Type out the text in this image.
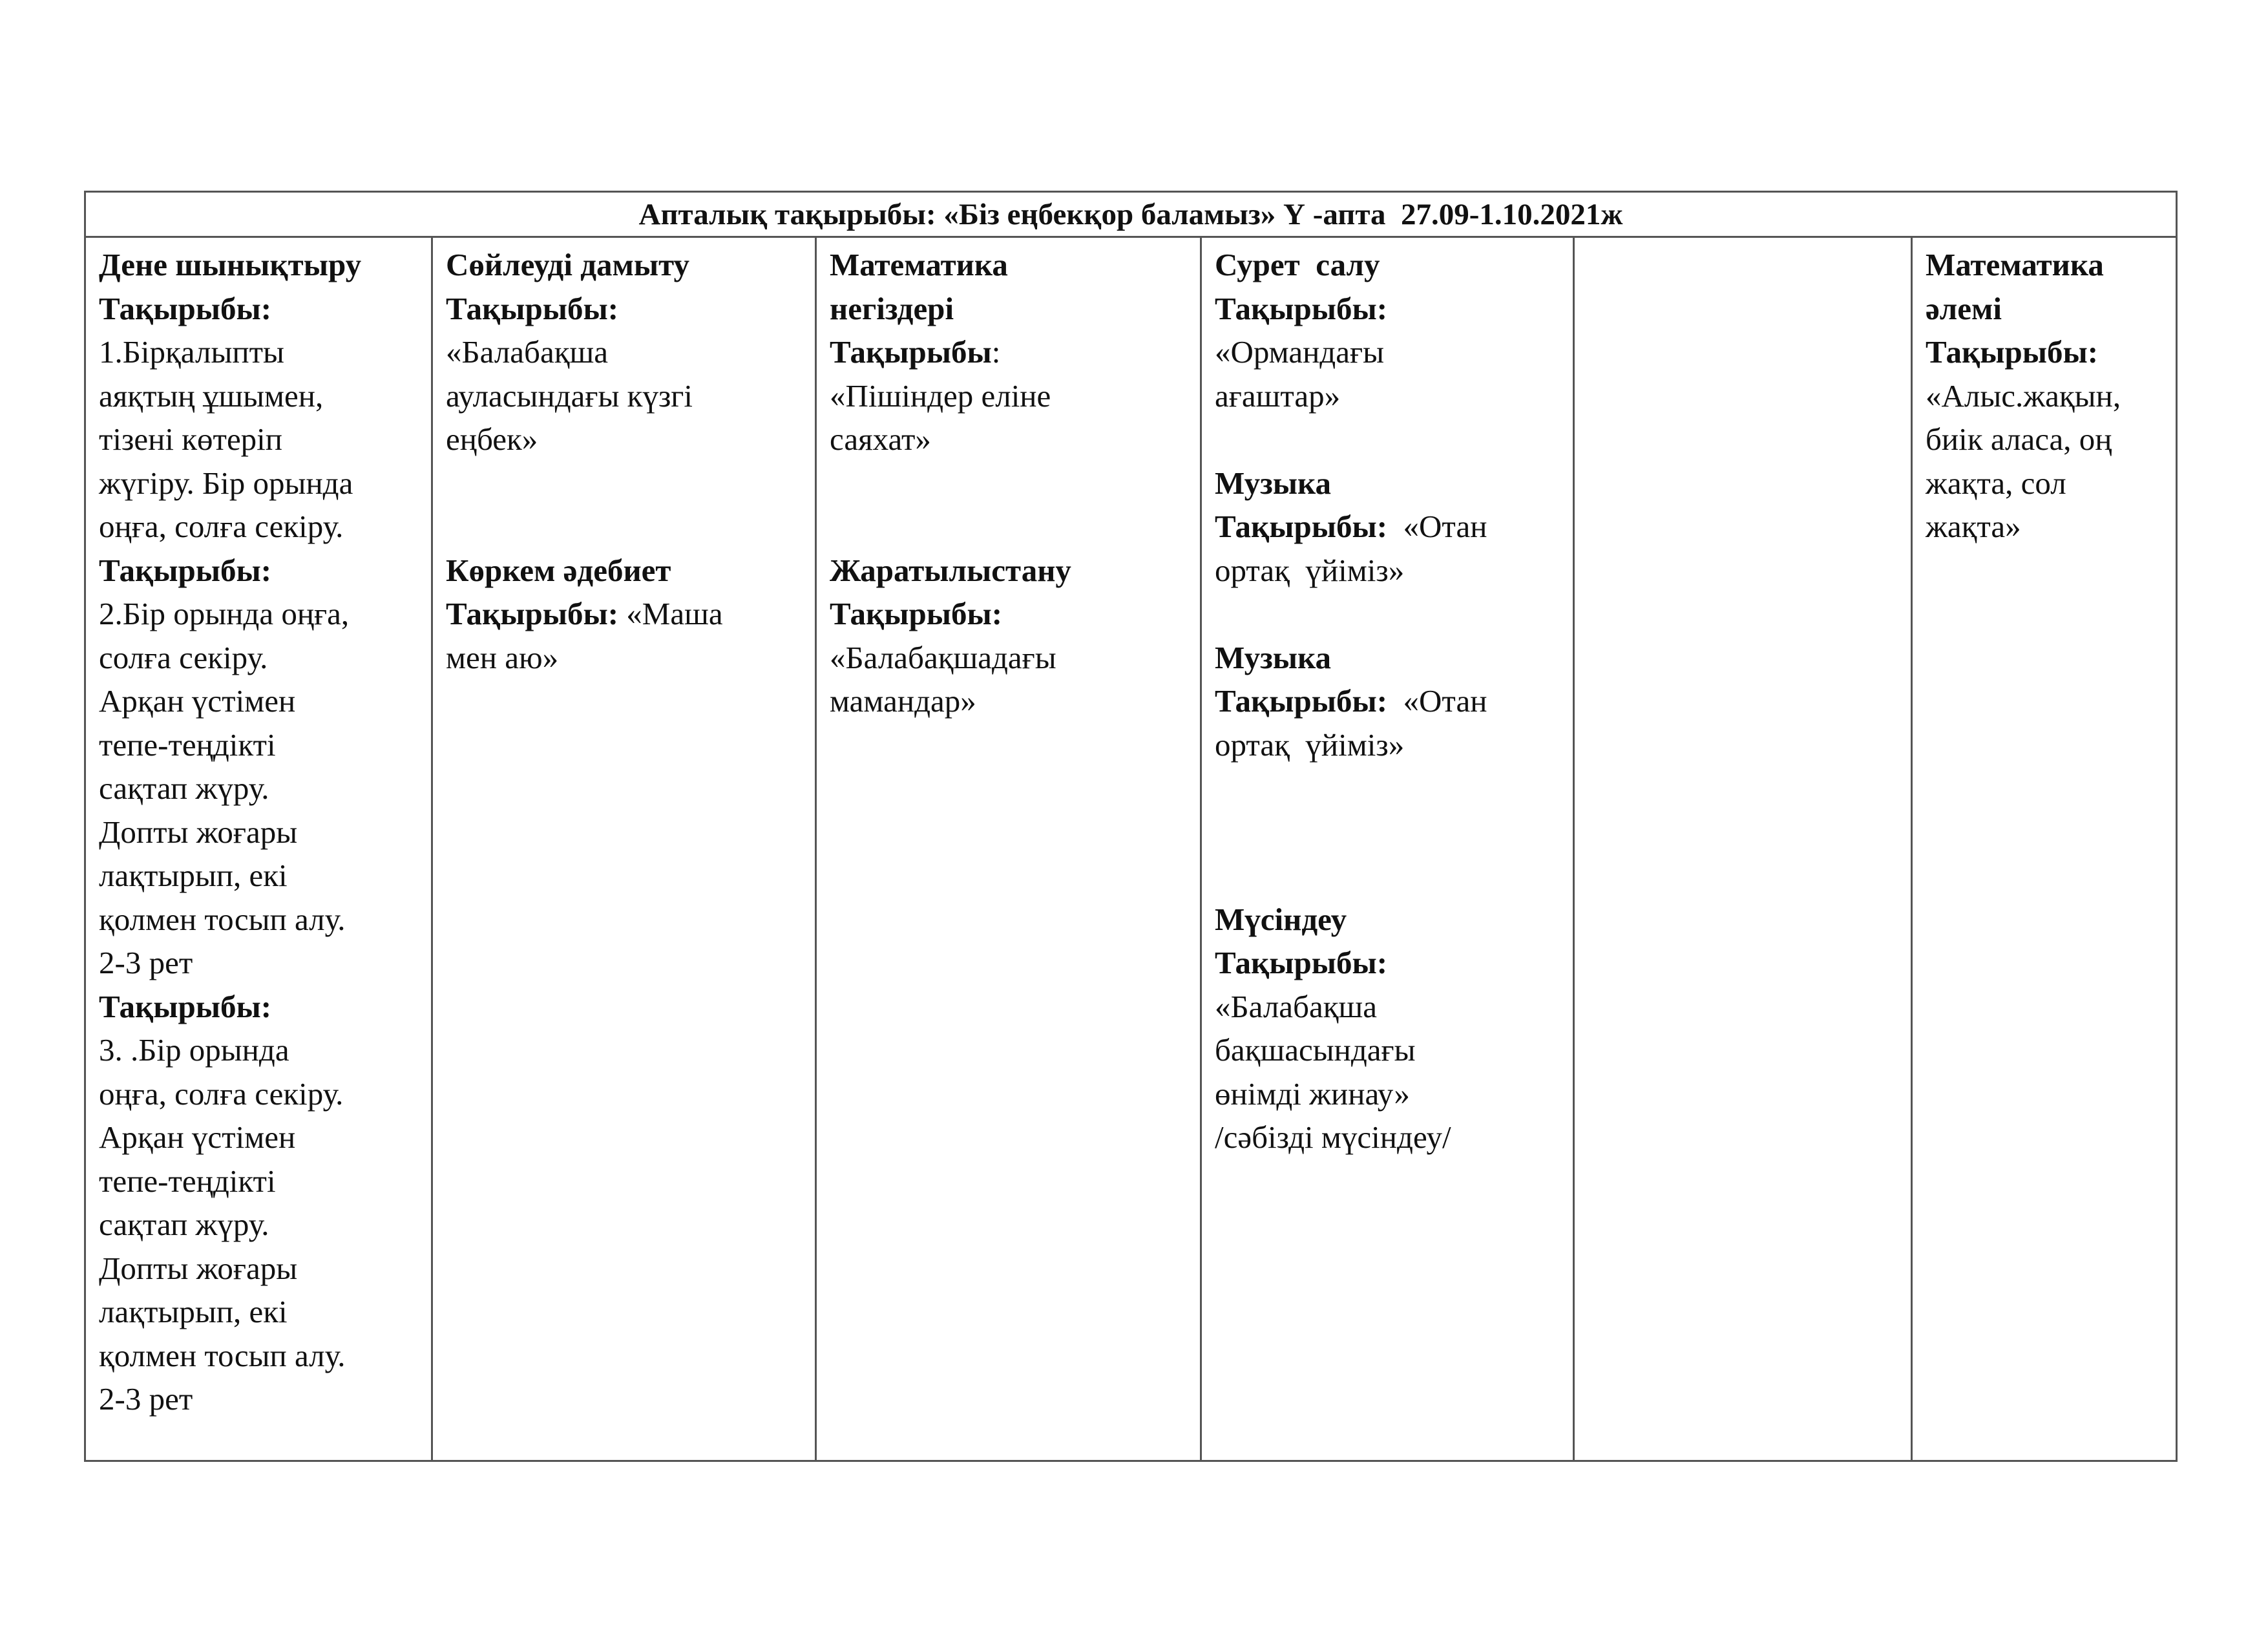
Апталық тақырыбы: «Біз еңбекқор баламыз» Ү -апта  27.09-1.10.2021ж
Дене шынықтыру
Тақырыбы:
1.Бірқалыпты
аяқтың ұшымен,
тізені көтеріп
жүгіру. Бір орында
оңға, солға секіру.
Тақырыбы:
2.Бір орында оңға,
солға секіру.
Арқан үстімен
тепе-теңдікті
сақтап жүру.
Допты жоғары
лақтырып, екі
қолмен тосып алу.
2-3 рет
Тақырыбы:
3. .Бір орында
оңға, солға секіру.
Арқан үстімен
тепе-теңдікті
сақтап жүру.
Допты жоғары
лақтырып, екі
қолмен тосып алу.
2-3 рет
Сөйлеуді дамыту
Тақырыбы:
«Балабақша
ауласындағы күзгі
еңбек»
Көркем әдебиет
Тақырыбы: «Маша
мен аю»
Математика
негіздері
Тақырыбы:
«Пішіндер еліне
саяхат»
Жаратылыстану
Тақырыбы:
«Балабақшадағы
мамандар»
Сурет  салу
Тақырыбы:
«Ормандағы
ағаштар»
Музыка
Тақырыбы:  «Отан
ортақ  үйіміз»
Музыка
Тақырыбы:  «Отан
ортақ  үйіміз»
Мүсіндеу
Тақырыбы:
«Балабақша
бақшасындағы
өнімді жинау»
/сәбізді мүсіндеу/
Математика
әлемі
Тақырыбы:
«Алыс.жақын,
биік аласа, оң
жақта, сол
жақта»
